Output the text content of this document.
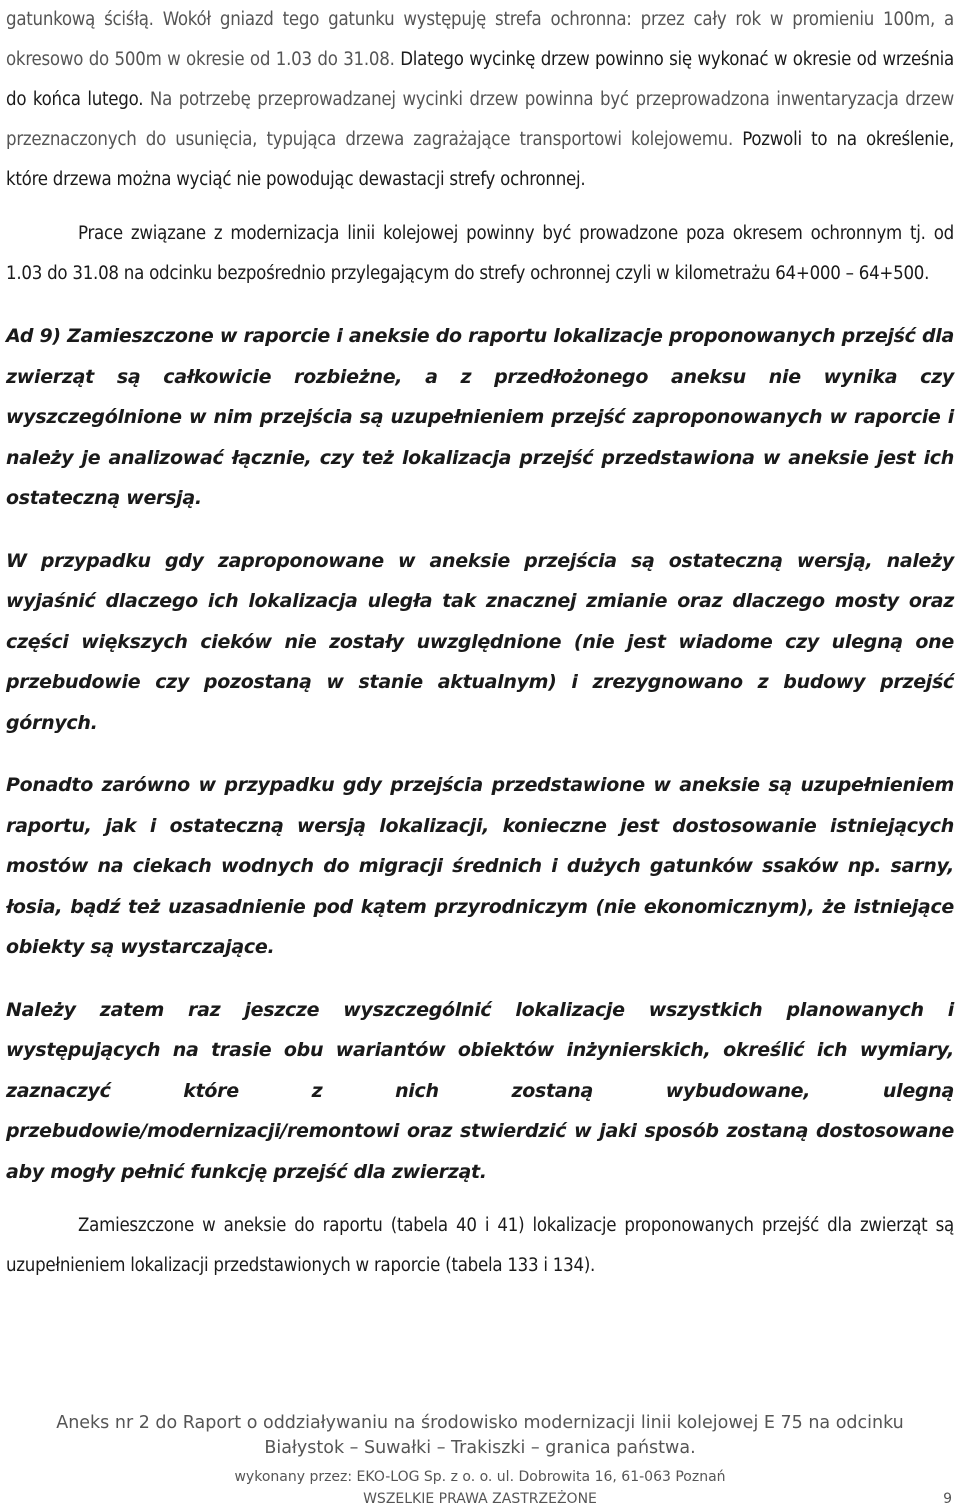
gatunkową ściśłą. Wokół gniazd tego gatunku występuję strefa ochronna: przez cały rok w promieniu 100m, a okresowo do 500m w okresie od 1.03 do 31.08. Dlatego wycinkę drzew powinno się wykonać w okresie od września do końca lutego. Na potrzebę przeprowadzanej wycinki drzew powinna być przeprowadzona inwentaryzacja drzew przeznaczonych do usunięcia, typująca drzewa zagrażające transportowi kolejowemu. Pozwoli to na określenie, które drzewa można wyciąć nie powodując dewastacji strefy ochronnej.

Prace związane z modernizacja linii kolejowej powinny być prowadzone poza okresem ochronnym tj. od 1.03 do 31.08 na odcinku bezpośrednio przylegającym do strefy ochronnej czyli w kilometrażu 64+000 – 64+500.

Ad 9) Zamieszczone w raporcie i aneksie do raportu lokalizacje proponowanych przejść dla zwierząt są całkowicie rozbieżne, a z przedłożonego aneksu nie wynika czy wyszczególnione w nim przejścia są uzupełnieniem przejść zaproponowanych w raporcie i należy je analizować łącznie, czy też lokalizacja przejść przedstawiona w aneksie jest ich ostateczną wersją.

W przypadku gdy zaproponowane w aneksie przejścia są ostateczną wersją, należy wyjaśnić dlaczego ich lokalizacja uległa tak znacznej zmianie oraz dlaczego mosty oraz części większych cieków nie zostały uwzględnione (nie jest wiadome czy ulegną one przebudowie czy pozostaną w stanie aktualnym) i zrezygnowano z budowy przejść górnych.

Ponadto zarówno w przypadku gdy przejścia przedstawione w aneksie są uzupełnieniem raportu, jak i ostateczną wersją lokalizacji, konieczne jest dostosowanie istniejących mostów na ciekach wodnych do migracji średnich i dużych gatunków ssaków np. sarny, łosia, bądź też uzasadnienie pod kątem przyrodniczym (nie ekonomicznym), że istniejące obiekty są wystarczające.

Należy zatem raz jeszcze wyszczególnić lokalizacje wszystkich planowanych i występujących na trasie obu wariantów obiektów inżynierskich, określić ich wymiary, zaznaczyć które z nich zostaną wybudowane, ulegną przebudowie/modernizacji/remontowi oraz stwierdzić w jaki sposób zostaną dostosowane aby mogły pełnić funkcję przejść dla zwierząt.

Zamieszczone w aneksie do raportu (tabela 40 i 41) lokalizacje proponowanych przejść dla zwierząt są uzupełnieniem lokalizacji przedstawionych w raporcie (tabela 133 i 134).

Aneks nr 2 do Raport o oddziaływaniu na środowisko modernizacji linii kolejowej E 75 na odcinku
Białystok – Suwałki – Trakiszki – granica państwa.
wykonany przez: EKO-LOG Sp. z o. o. ul. Dobrowita 16, 61-063 Poznań
WSZELKIE PRAWA ZASTRZEŻONE	9
